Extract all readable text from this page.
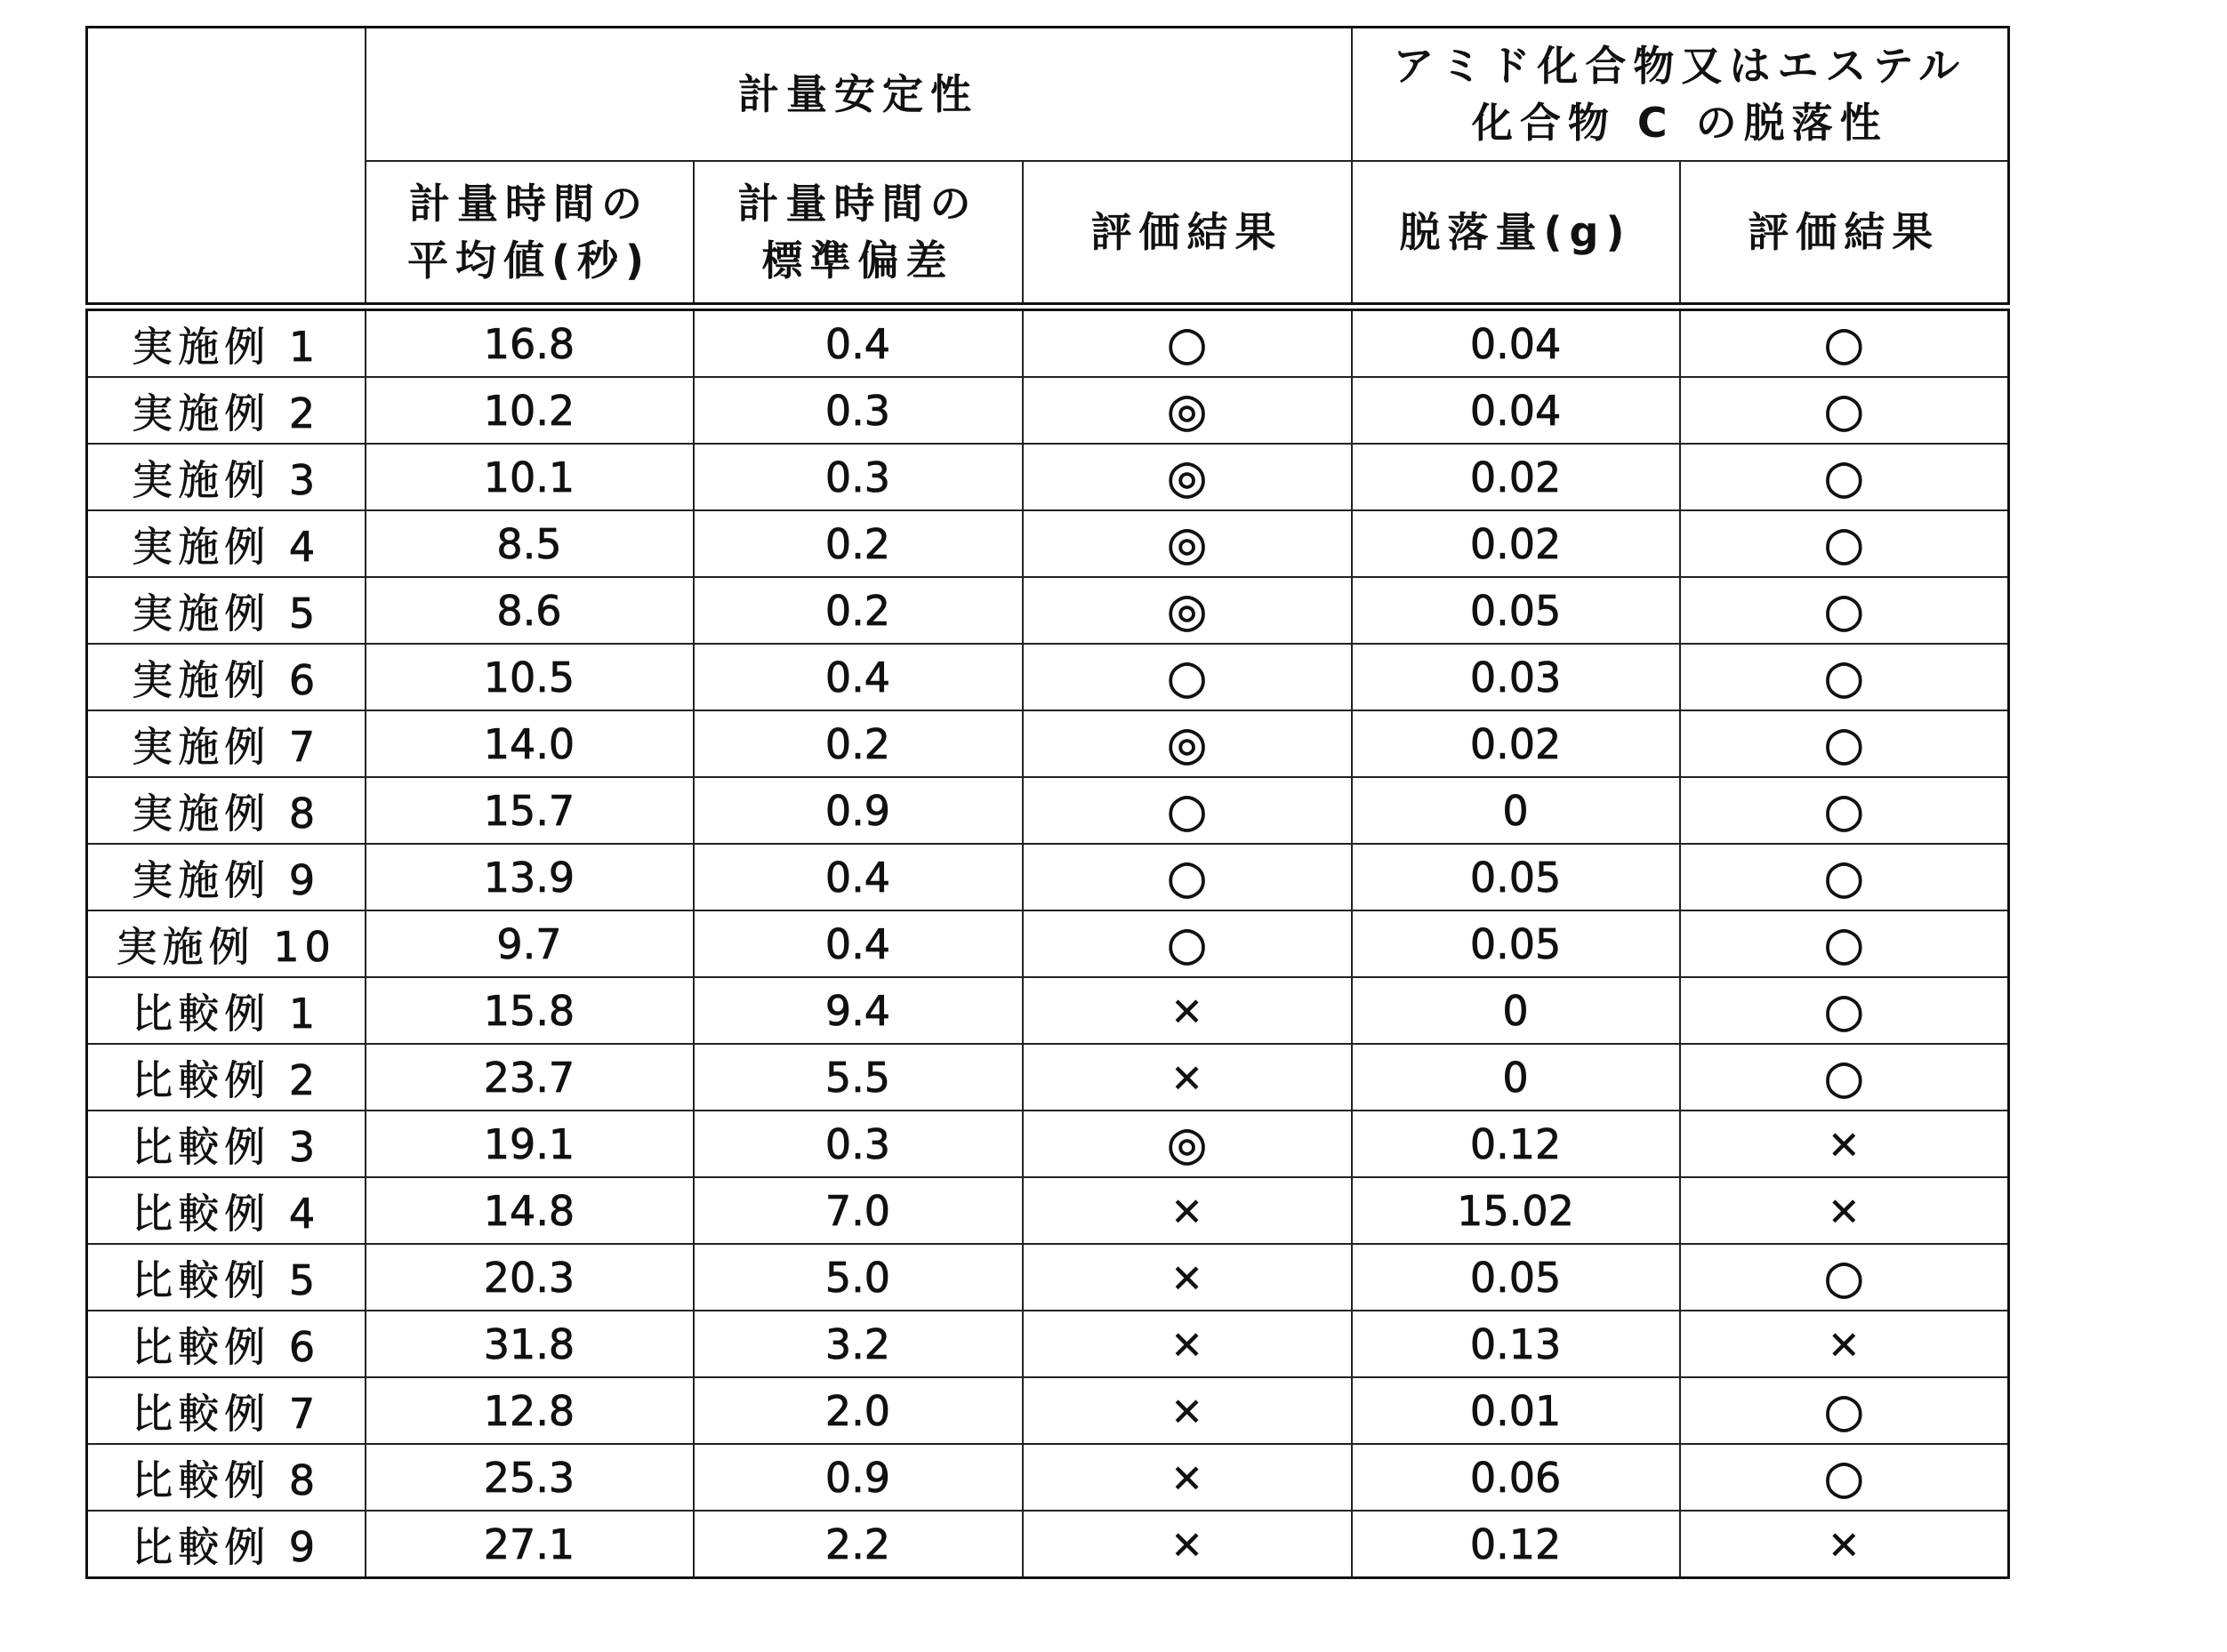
	計量安定性	
アミド化合物又はエステル
化合物 C の脱落性

計量時間の
平均値(秒)

計量時間の
標準偏差
	評価結果	脱落量(g)	評価結果
実施例 1	16.8	0.4	○	0.04	○
実施例 2	10.2	0.3	◎	0.04	○
実施例 3	10.1	0.3	◎	0.02	○
実施例 4	8.5	0.2	◎	0.02	○
実施例 5	8.6	0.2	◎	0.05	○
実施例 6	10.5	0.4	○	0.03	○
実施例 7	14.0	0.2	◎	0.02	○
実施例 8	15.7	0.9	○	0	○
実施例 9	13.9	0.4	○	0.05	○
実施例 10	9.7	0.4	○	0.05	○
比較例 1	15.8	9.4	×	0	○
比較例 2	23.7	5.5	×	0	○
比較例 3	19.1	0.3	◎	0.12	×
比較例 4	14.8	7.0	×	15.02	×
比較例 5	20.3	5.0	×	0.05	○
比較例 6	31.8	3.2	×	0.13	×
比較例 7	12.8	2.0	×	0.01	○
比較例 8	25.3	0.9	×	0.06	○
比較例 9	27.1	2.2	×	0.12	×
